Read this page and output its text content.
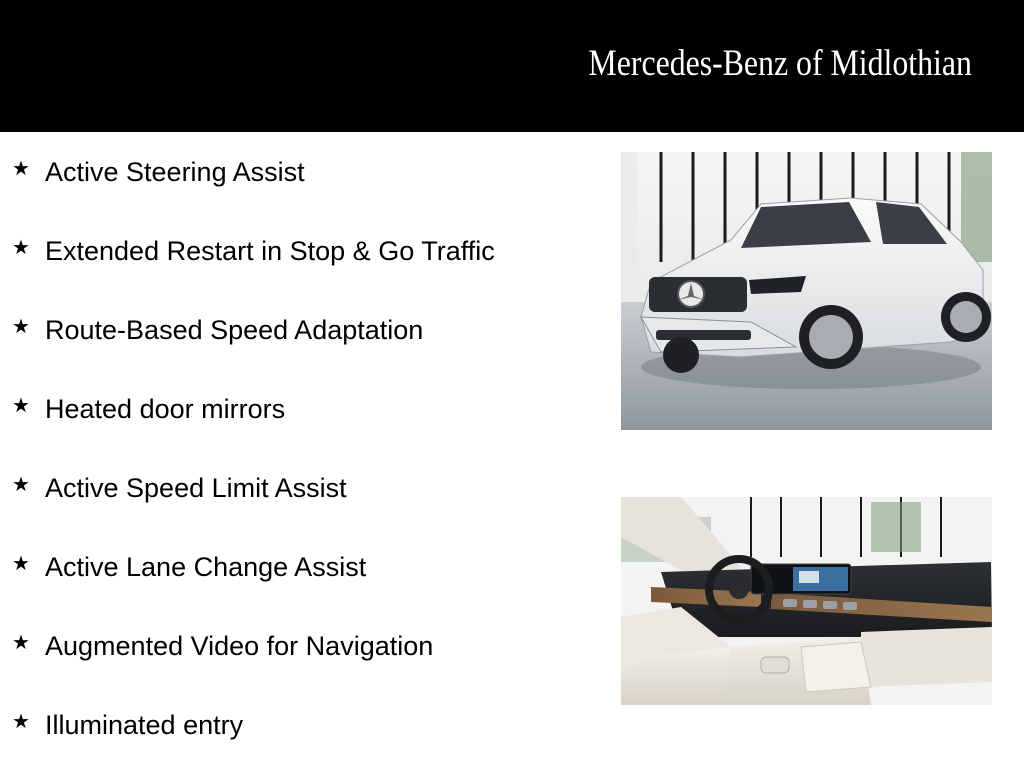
Mercedes-Benz of Midlothian
★ Active Steering Assist
★ Extended Restart in Stop & Go Traffic
★ Route-Based Speed Adaptation
★ Heated door mirrors
★ Active Speed Limit Assist
★ Active Lane Change Assist
★ Augmented Video for Navigation
★ Illuminated entry
